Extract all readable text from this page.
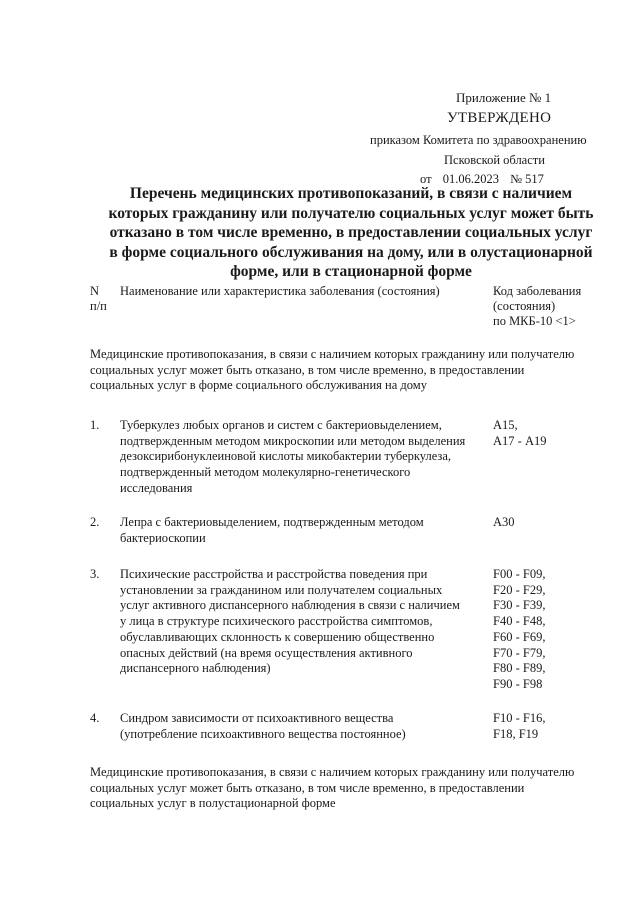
Приложение № 1
УТВЕРЖДЕНО
приказом Комитета по здравоохранению
Псковской области
от 01.06.2023 № 517
Перечень медицинских противопоказаний, в связи с наличием
которых гражданину или получателю социальных услуг может быть
отказано в том числе временно, в предоставлении социальных услуг
в форме социального обслуживания на дому, или в олустационарной
форме, или в стационарной форме
N
п/п
Наименование или характеристика заболевания (состояния)	Код заболевания
(состояния)
по МКБ-10 <1>
Медицинские противопоказания, в связи с наличием которых гражданину или получателю
социальных услуг может быть отказано, в том числе временно, в предоставлении
социальных услуг в форме социального обслуживания на дому
1. Туберкулез любых органов и систем с бактериовыделением,
подтвержденным методом микроскопии или методом выделения
дезоксирибонуклеиновой кислоты микобактерии туберкулеза,
подтвержденный методом молекулярно-генетического
исследования
А15,
А17 - А19
2. Лепра с бактериовыделением, подтвержденным методом
бактериоскопии
А30
3. Психические расстройства и расстройства поведения при
установлении за гражданином или получателем социальных
услуг активного диспансерного наблюдения в связи с наличием
у лица в структуре психического расстройства симптомов,
обуславливающих склонность к совершению общественно
опасных действий (на время осуществления активного
диспансерного наблюдения)
F00 - F09,
F20 - F29,
F30 - F39,
F40 - F48,
F60 - F69,
F70 - F79,
F80 - F89,
F90 - F98
4. Синдром зависимости от психоактивного вещества
(употребление психоактивного вещества постоянное)
F10 - F16,
F18, F19
Медицинские противопоказания, в связи с наличием которых гражданину или получателю
социальных услуг может быть отказано, в том числе временно, в предоставлении
социальных услуг в полустационарной форме
